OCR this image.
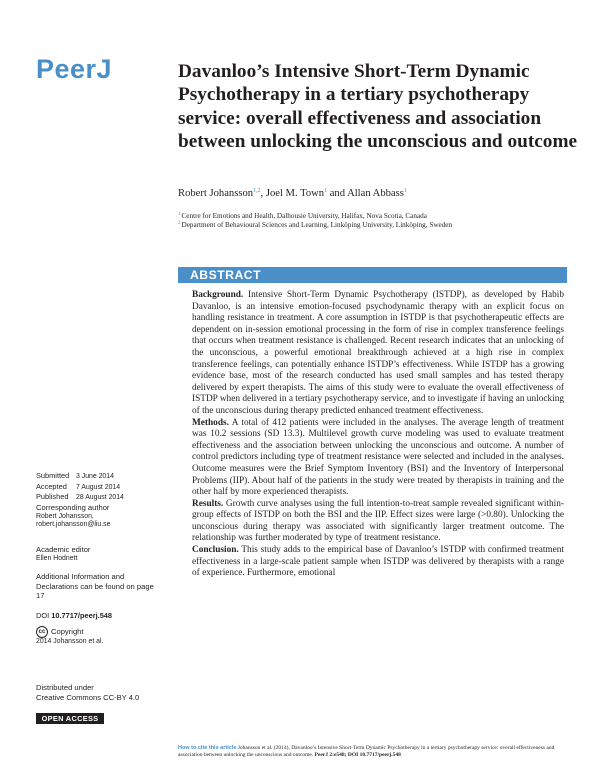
PeerJ	Davanloo’s Intensive Short-Term Dynamic Psychotherapy in a tertiary psychotherapy service: overall effectiveness and association between unlocking the unconscious and outcome
Robert Johansson$^{1,2}$, Joel M. Town$^1$ and Allan Abbass$^1$
$^1$Centre for Emotions and Health, Dalhousie University, Halifax, Nova Scotia, Canada
$^2$Department of Behavioural Sciences and Learning, Linköping University, Linköping, Sweden
ABSTRACT

Background. Intensive Short-Term Dynamic Psychotherapy (ISTDP), as developed by Habib Davanloo, is an intensive emotion-focused psychodynamic therapy with an explicit focus on handling resistance in treatment. A core assumption in ISTDP is that psychotherapeutic effects are dependent on in-session emotional processing in the form of rise in complex transference feelings that occurs when treatment resistance is challenged. Recent research indicates that an unlocking of the unconscious, a powerful emotional breakthrough achieved at a high rise in complex transference feelings, can potentially enhance ISTDP’s effectiveness. While ISTDP has a growing evidence base, most of the research conducted has used small samples and has tested therapy delivered by expert therapists. The aims of this study were to evaluate the overall effectiveness of ISTDP when delivered in a tertiary psychotherapy service, and to investigate if having an unlocking of the unconscious during therapy predicted enhanced treatment effectiveness.

Methods. A total of 412 patients were included in the analyses. The average length of treatment was 10.2 sessions (SD 13.3). Multilevel growth curve modeling was used to evaluate treatment effectiveness and the association between unlocking the unconscious and outcome. A number of control predictors including type of treatment resistance were selected and included in the analyses. Outcome measures were the Brief Symptom Inventory (BSI) and the Inventory of Interpersonal Problems (IIP). About half of the patients in the study were treated by therapists in training and the other half by more experienced therapists.

Results. Growth curve analyses using the full intention-to-treat sample revealed significant within-group effects of ISTDP on both the BSI and the IIP. Effect sizes were large (>0.80). Unlocking the unconscious during therapy was associated with significantly larger treatment outcome. The relationship was further moderated by type of treatment resistance.

Conclusion. This study adds to the empirical base of Davanloo’s ISTDP with confirmed treatment effectiveness in a large-scale patient sample when ISTDP was delivered by therapists with a range of experience. Furthermore, emotional

Submitted 3 June 2014
Accepted 7 August 2014
Published 28 August 2014
Corresponding author
Robert Johansson,
robert.johansson@liu.se
Academic editor
Ellen Hodnett
Additional Information and Declarations can be found on page 17
DOI 10.7717/peerj.548
cc Copyright
2014 Johansson et al.
Distributed under
Creative Commons CC-BY 4.0
OPEN ACCESS
How to cite this article Johansson et al. (2014), Davanloo’s Intensive Short-Term Dynamic Psychotherapy in a tertiary psychotherapy service: overall effectiveness and association between unlocking the unconscious and outcome. PeerJ 2:e548; DOI 10.7717/peerj.548
